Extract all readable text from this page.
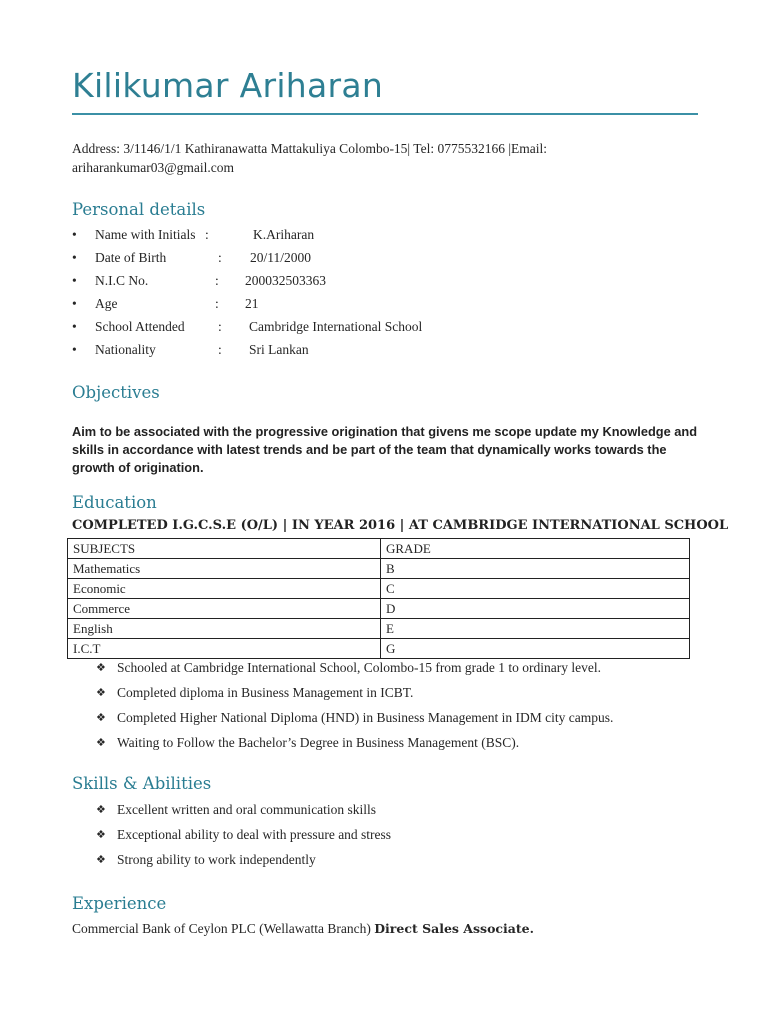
Kilikumar Ariharan
Address: 3/1146/1/1 Kathiranawatta Mattakuliya Colombo-15| Tel: 0775532166 |Email:
ariharankumar03@gmail.com
Personal details
• Name with Initials :	K.Ariharan
• Date of Birth	: 20/11/2000
• N.I.C No.	: 200032503363
• Age	: 21
• School Attended : Cambridge International School
• Nationality	: Sri Lankan
Objectives

Aim to be associated with the progressive origination that givens me scope update my Knowledge and skills in accordance with latest trends and be part of the team that dynamically works towards the growth of origination.

Education
COMPLETED I.G.C.S.E (O/L) | IN YEAR 2016 | AT CAMBRIDGE INTERNATIONAL SCHOOL
SUBJECTS	GRADE
Mathematics	B
Economic	C
Commerce	D
English	E
I.C.T	G
❖ Schooled at Cambridge International School, Colombo-15 from grade 1 to ordinary level.
❖ Completed diploma in Business Management in ICBT.
❖ Completed Higher National Diploma (HND) in Business Management in IDM city campus.
❖ Waiting to Follow the Bachelor’s Degree in Business Management (BSC).
Skills & Abilities
❖ Excellent written and oral communication skills
❖ Exceptional ability to deal with pressure and stress
❖ Strong ability to work independently
Experience
Commercial Bank of Ceylon PLC (Wellawatta Branch) Direct Sales Associate.
